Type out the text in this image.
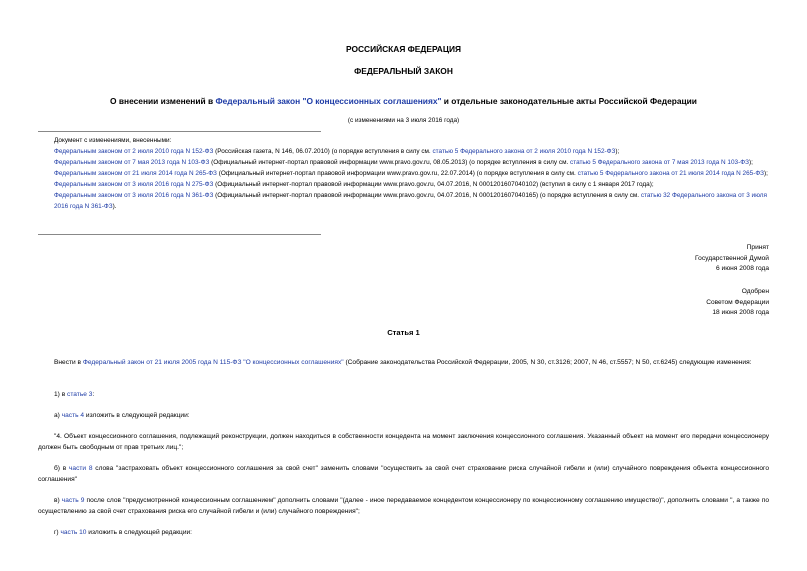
РОССИЙСКАЯ ФЕДЕРАЦИЯ
ФЕДЕРАЛЬНЫЙ ЗАКОН
О внесении изменений в Федеральный закон "О концессионных соглашениях" и отдельные законодательные акты Российской Федерации
(с изменениями на 3 июля 2016 года)
Документ с изменениями, внесенными:
Федеральным законом от 2 июля 2010 года N 152-ФЗ (Российская газета, N 146, 06.07.2010) (о порядке вступления в силу см. статью 5 Федерального закона от 2 июля 2010 года N 152-ФЗ);
Федеральным законом от 7 мая 2013 года N 103-ФЗ (Официальный интернет-портал правовой информации www.pravo.gov.ru, 08.05.2013) (о порядке вступления в силу см. статью 5 Федерального закона от 7 мая 2013 года N 103-ФЗ);
Федеральным законом от 21 июля 2014 года N 265-ФЗ (Официальный интернет-портал правовой информации www.pravo.gov.ru, 22.07.2014) (о порядке вступления в силу см. статью 5 Федерального закона от 21 июля 2014 года N 265-ФЗ);
Федеральным законом от 3 июля 2016 года N 275-ФЗ (Официальный интернет-портал правовой информации www.pravo.gov.ru, 04.07.2016, N 0001201607040102) (вступил в силу с 1 января 2017 года);
Федеральным законом от 3 июля 2016 года N 361-ФЗ (Официальный интернет-портал правовой информации www.pravo.gov.ru, 04.07.2016, N 0001201607040165) (о порядке вступления в силу см. статью 32 Федерального закона от 3 июля 2016 года N 361-ФЗ).
Принят
Государственной Думой
6 июня 2008 года
Одобрен
Советом Федерации
18 июня 2008 года
Статья 1
Внести в Федеральный закон от 21 июля 2005 года N 115-ФЗ "О концессионных соглашениях" (Собрание законодательства Российской Федерации, 2005, N 30, ст.3126; 2007, N 46, ст.5557; N 50, ст.6245) следующие изменения:
1) в статье 3:
а) часть 4 изложить в следующей редакции:
"4. Объект концессионного соглашения, подлежащий реконструкции, должен находиться в собственности концедента на момент заключения концессионного соглашения. Указанный объект на момент его передачи концессионеру должен быть свободным от прав третьих лиц.";
б) в части 8 слова "застраховать объект концессионного соглашения за свой счет" заменить словами "осуществить за свой счет страхование риска случайной гибели и (или) случайного повреждения объекта концессионного соглашения"
в) часть 9 после слов "предусмотренной концессионным соглашением" дополнить словами "(далее - иное передаваемое концедентом концессионеру по концессионному соглашению имущество)", дополнить словами ", а также по осуществлению за свой счет страхования риска его случайной гибели и (или) случайного повреждения";
г) часть 10 изложить в следующей редакции:
